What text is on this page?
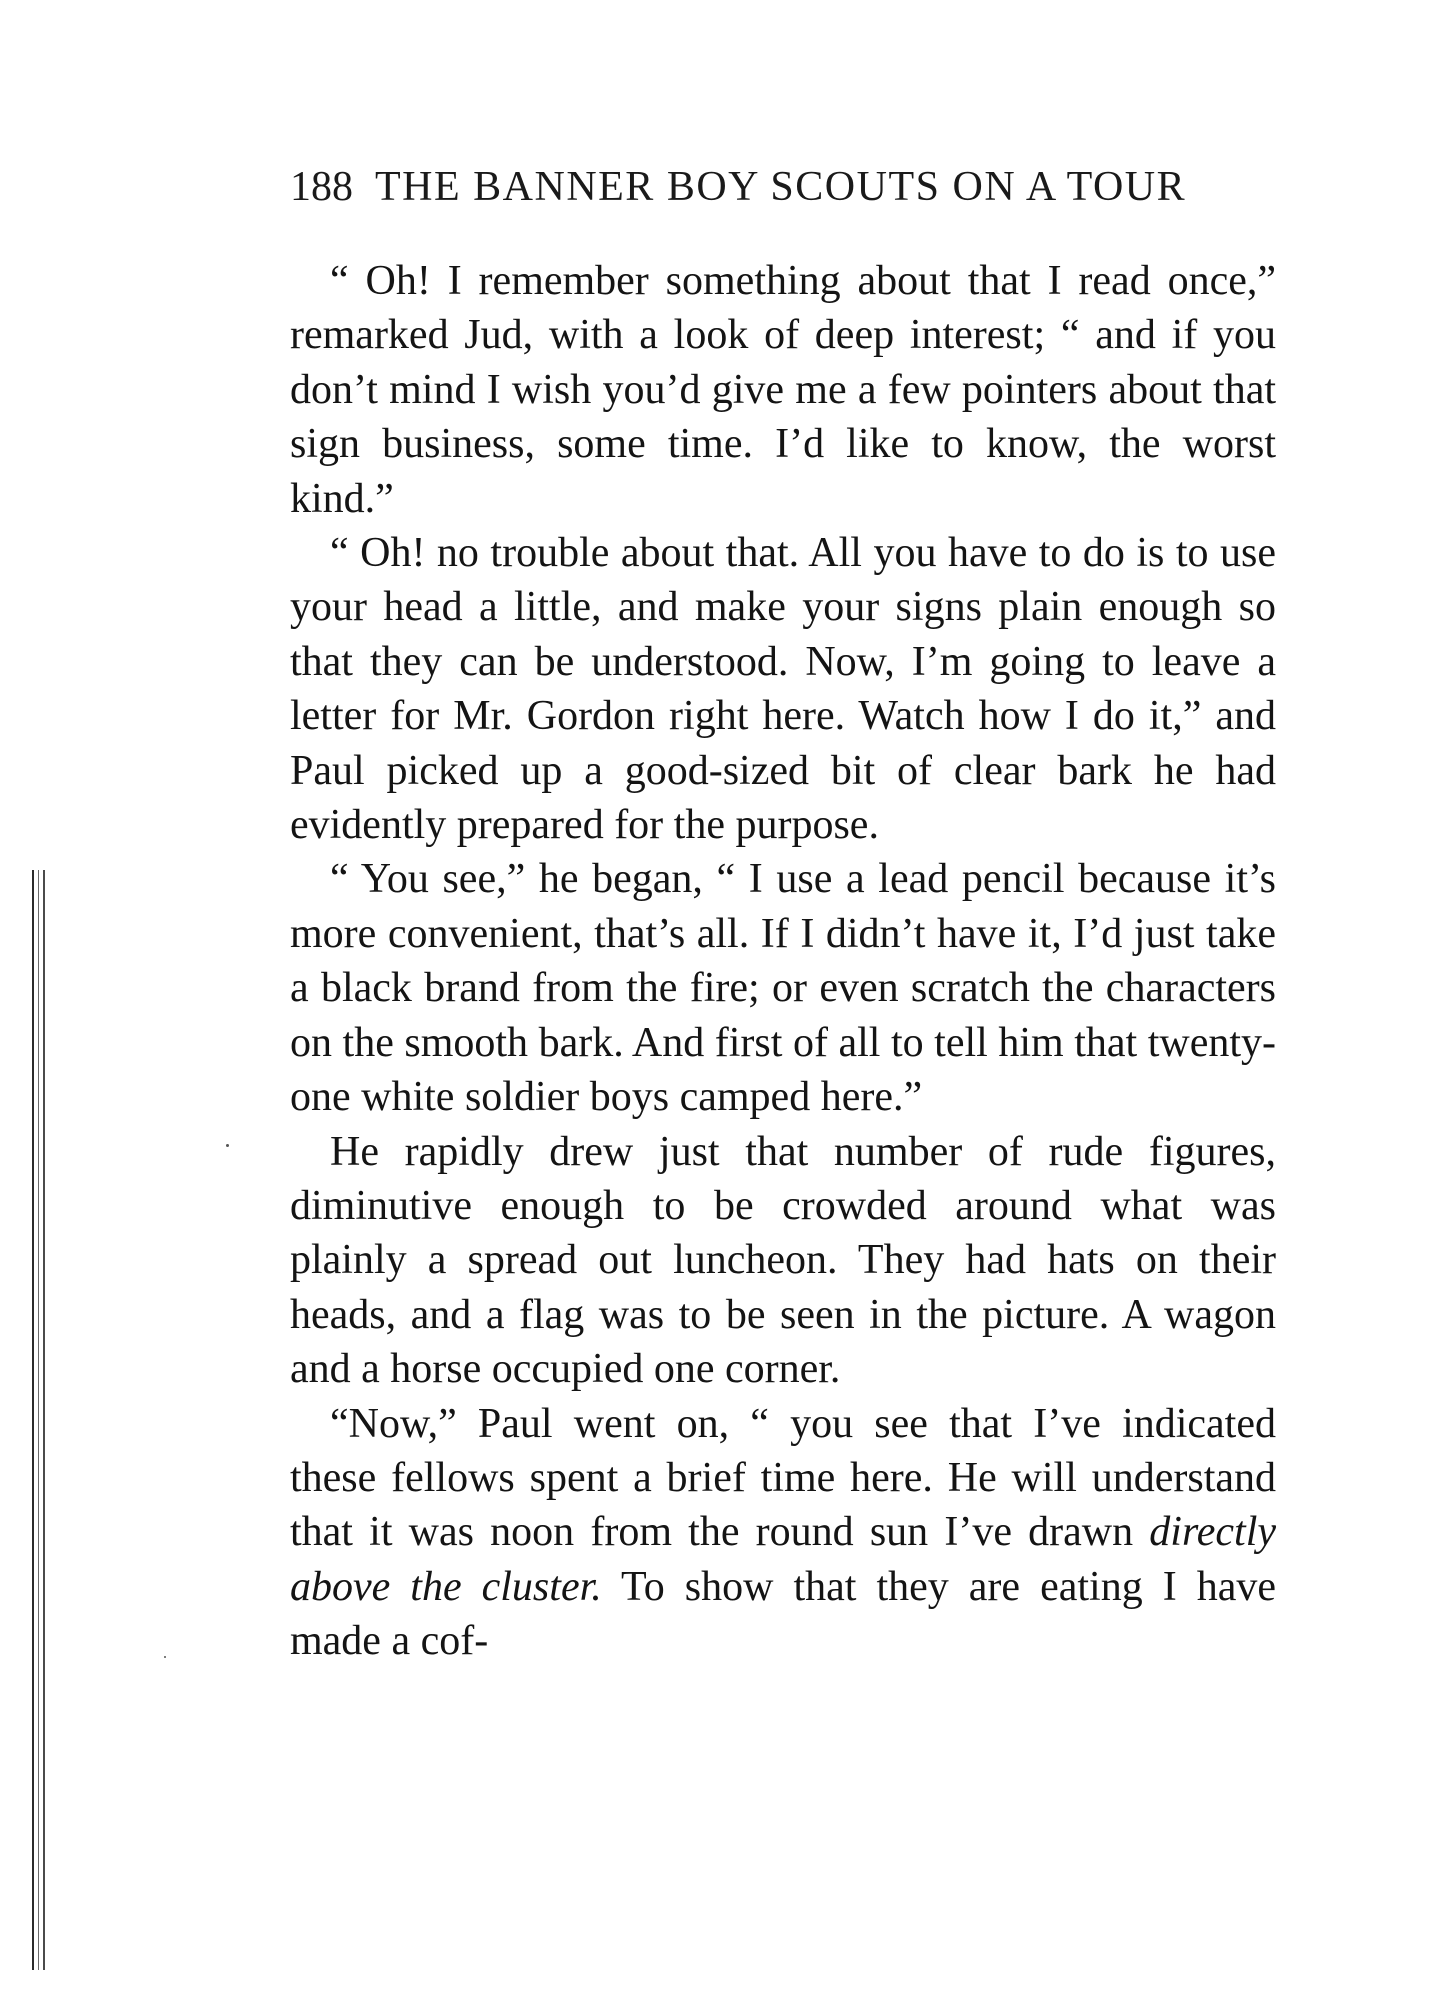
188 THE BANNER BOY SCOUTS ON A TOUR

“ Oh! I remember something about that I read once,” remarked Jud, with a look of deep interest; “ and if you don’t mind I wish you’d give me a few pointers about that sign business, some time. I’d like to know, the worst kind.”

“ Oh! no trouble about that. All you have to do is to use your head a little, and make your signs plain enough so that they can be understood. Now, I’m going to leave a letter for Mr. Gordon right here. Watch how I do it,” and Paul picked up a good-sized bit of clear bark he had evidently prepared for the purpose.

“ You see,” he began, “ I use a lead pencil because it’s more convenient, that’s all. If I didn’t have it, I’d just take a black brand from the fire; or even scratch the characters on the smooth bark. And first of all to tell him that twenty-one white soldier boys camped here.”

He rapidly drew just that number of rude figures, diminutive enough to be crowded around what was plainly a spread out luncheon. They had hats on their heads, and a flag was to be seen in the picture. A wagon and a horse occupied one corner.

“Now,” Paul went on, “ you see that I’ve indicated these fellows spent a brief time here. He will understand that it was noon from the round sun I’ve drawn directly above the cluster. To show that they are eating I have made a cof-
